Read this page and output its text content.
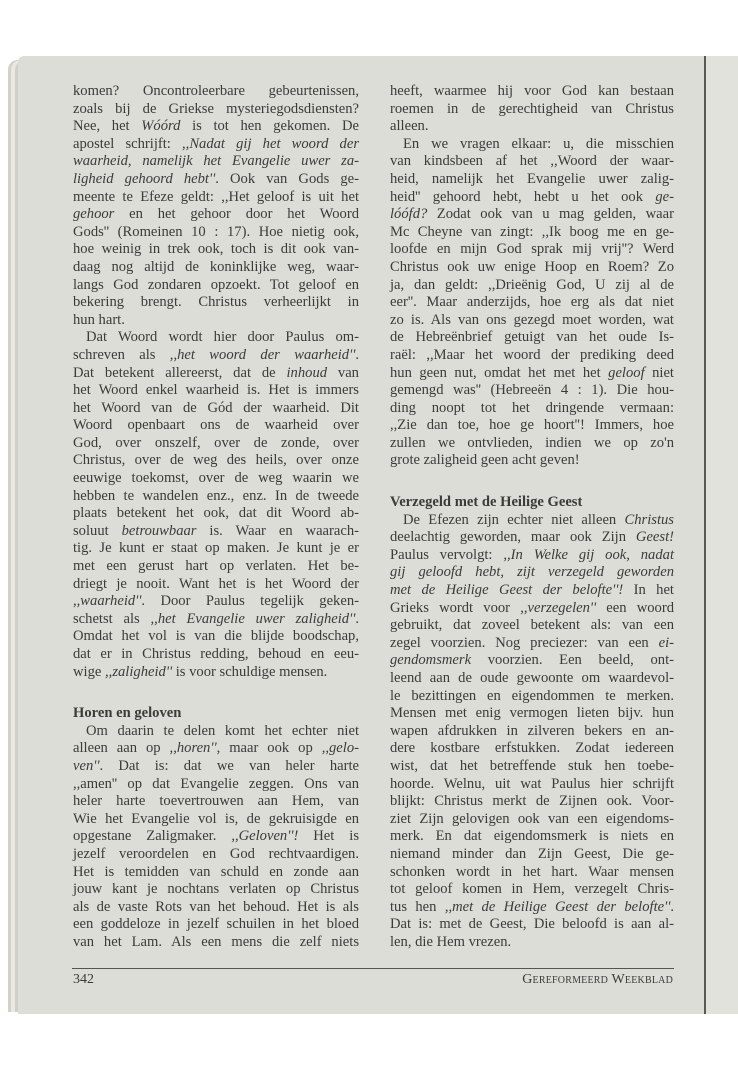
komen? Oncontroleerbare gebeurtenissen,
zoals bij de Griekse mysteriegodsdiensten?
Nee, het Wóórd is tot hen gekomen. De
apostel schrijft: ,,Nadat gij het woord der
waarheid, namelijk het Evangelie uwer za-
ligheid gehoord hebt''. Ook van Gods ge-
meente te Efeze geldt: ,,Het geloof is uit het
gehoor en het gehoor door het Woord
Gods'' (Romeinen 10 : 17). Hoe nietig ook,
hoe weinig in trek ook, toch is dit ook van-
daag nog altijd de koninklijke weg, waar-
langs God zondaren opzoekt. Tot geloof en
bekering brengt. Christus verheerlijkt in
hun hart.
Dat Woord wordt hier door Paulus om-
schreven als ,,het woord der waarheid''.
Dat betekent allereerst, dat de inhoud van
het Woord enkel waarheid is. Het is immers
het Woord van de Gód der waarheid. Dit
Woord openbaart ons de waarheid over
God, over onszelf, over de zonde, over
Christus, over de weg des heils, over onze
eeuwige toekomst, over de weg waarin we
hebben te wandelen enz., enz. In de tweede
plaats betekent het ook, dat dit Woord ab-
soluut betrouwbaar is. Waar en waarach-
tig. Je kunt er staat op maken. Je kunt je er
met een gerust hart op verlaten. Het be-
driegt je nooit. Want het is het Woord der
,,waarheid''. Door Paulus tegelijk geken-
schetst als ,,het Evangelie uwer zaligheid''.
Omdat het vol is van die blijde boodschap,
dat er in Christus redding, behoud en eeu-
wige ,,zaligheid'' is voor schuldige mensen.
Horen en geloven
Om daarin te delen komt het echter niet
alleen aan op ,,horen'', maar ook op ,,gelo-
ven''. Dat is: dat we van heler harte
,,amen'' op dat Evangelie zeggen. Ons van
heler harte toevertrouwen aan Hem, van
Wie het Evangelie vol is, de gekruisigde en
opgestane Zaligmaker. ,,Geloven''! Het is
jezelf veroordelen en God rechtvaardigen.
Het is temidden van schuld en zonde aan
jouw kant je nochtans verlaten op Christus
als de vaste Rots van het behoud. Het is als
een goddeloze in jezelf schuilen in het bloed
van het Lam. Als een mens die zelf niets
heeft, waarmee hij voor God kan bestaan
roemen in de gerechtigheid van Christus
alleen.
En we vragen elkaar: u, die misschien
van kindsbeen af het ,,Woord der waar-
heid, namelijk het Evangelie uwer zalig-
heid'' gehoord hebt, hebt u het ook ge-
lóófd? Zodat ook van u mag gelden, waar
Mc Cheyne van zingt: ,,Ik boog me en ge-
loofde en mijn God sprak mij vrij''? Werd
Christus ook uw enige Hoop en Roem? Zo
ja, dan geldt: ,,Drieënig God, U zij al de
eer''. Maar anderzijds, hoe erg als dat niet
zo is. Als van ons gezegd moet worden, wat
de Hebreënbrief getuigt van het oude Is-
raël: ,,Maar het woord der prediking deed
hun geen nut, omdat het met het geloof niet
gemengd was'' (Hebreeën 4 : 1). Die hou-
ding noopt tot het dringende vermaan:
,,Zie dan toe, hoe ge hoort''! Immers, hoe
zullen we ontvlieden, indien we op zo'n
grote zaligheid geen acht geven!
Verzegeld met de Heilige Geest
De Efezen zijn echter niet alleen Christus
deelachtig geworden, maar ook Zijn Geest!
Paulus vervolgt: ,,In Welke gij ook, nadat
gij geloofd hebt, zijt verzegeld geworden
met de Heilige Geest der belofte''! In het
Grieks wordt voor ,,verzegelen'' een woord
gebruikt, dat zoveel betekent als: van een
zegel voorzien. Nog preciezer: van een ei-
gendomsmerk voorzien. Een beeld, ont-
leend aan de oude gewoonte om waardevol-
le bezittingen en eigendommen te merken.
Mensen met enig vermogen lieten bijv. hun
wapen afdrukken in zilveren bekers en an-
dere kostbare erfstukken. Zodat iedereen
wist, dat het betreffende stuk hen toebe-
hoorde. Welnu, uit wat Paulus hier schrijft
blijkt: Christus merkt de Zijnen ook. Voor-
ziet Zijn gelovigen ook van een eigendoms-
merk. En dat eigendomsmerk is niets en
niemand minder dan Zijn Geest, Die ge-
schonken wordt in het hart. Waar mensen
tot geloof komen in Hem, verzegelt Chris-
tus hen ,,met de Heilige Geest der belofte''.
Dat is: met de Geest, Die beloofd is aan al-
len, die Hem vrezen.
342	Gereformeerd Weekblad
